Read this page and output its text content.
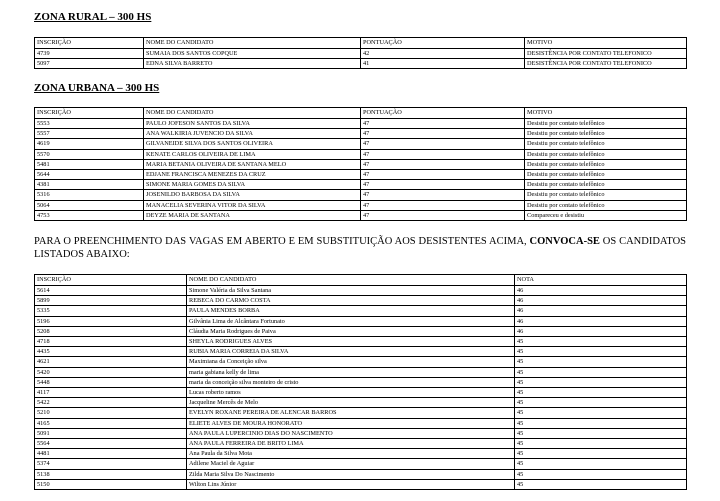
ZONA RURAL – 300 HS
INSCRIÇÃO	NOME DO CANDIDATO	PONTUAÇÃO	MOTIVO
4739	SUMAIA DOS SANTOS COPQUE	42	DESISTÊNCIA POR CONTATO TELEFONICO
5097	EDNA SILVA BARRETO	41	DESISTÊNCIA POR CONTATO TELEFONICO
ZONA URBANA – 300 HS
INSCRIÇÃO	NOME DO CANDIDATO	PONTUAÇÃO	MOTIVO
5553	PAULO JOFESON SANTOS DA SILVA	47	Desistiu por contato telefônico
5557	ANA WALKIRIA JUVENCIO DA SILVA	47	Desistiu por contato telefônico
4619	GILVANEIDE SILVA DOS SANTOS OLIVEIRA	47	Desistiu por contato telefônico
5570	KENATE CARLOS OLIVEIRA DE LIMA	47	Desistiu por contato telefônico
5481	MARIA BETANIA OLIVEIRA DE SANTANA MELO	47	Desistiu por contato telefônico
5644	EDJANE FRANCISCA MENEZES DA CRUZ	47	Desistiu por contato telefônico
4381	SIMONE MARIA GOMES DA SILVA	47	Desistiu por contato telefônico
5316	JOSENILDO BARBOSA DA SILVA	47	Desistiu por contato telefônico
5064	MANACELIA SEVERINA VITOR DA SILVA	47	Desistiu por contato telefônico
4753	DEYZE MARIA DE SANTANA	47	Compareceu e desistiu

PARA O PREENCHIMENTO DAS VAGAS EM ABERTO E EM SUBSTITUIÇÃO AOS DESISTENTES ACIMA, CONVOCA-SE OS CANDIDATOS LISTADOS ABAIXO:

INSCRIÇÃO	NOME DO CANDIDATO	NOTA
5614	Simone Valéria da Silva Santana	46
5899	REBECA DO CARMO COSTA	46
5335	PAULA MENDES BORBA	46
5196	Gilvânia Lima de Alcântara Fortunato	46
5208	Cláudia Maria Rodrigues de Paiva	46
4718	SHEYLA RODRIGUES ALVES	45
4435	RUBIA MARIA CORREIA DA SILVA	45
4621	Maximiana da Conceição silva	45
5420	maria gabiana kelly de lima	45
5448	maria da conceição silva monteiro de cristo	45
4117	Lucas roberto ramos	45
5422	Jacqueline Mercês de Melo	45
5210	EVELYN ROXANE PEREIRA DE ALENCAR BARROS	45
4165	ELIETE ALVES DE MOURA HONORATO	45
5091	ANA PAULA LUPERCINIO DIAS DO NASCIMENTO	45
5564	ANA PAULA FERREIRA DE BRITO LIMA	45
4481	Ana Paula da Silva Mota	45
5374	Adilene Maciel de Aguiar	45
5138	Zilda Maria Silva Do Nascimento	45
5150	Wilton Lins Júnior	45
